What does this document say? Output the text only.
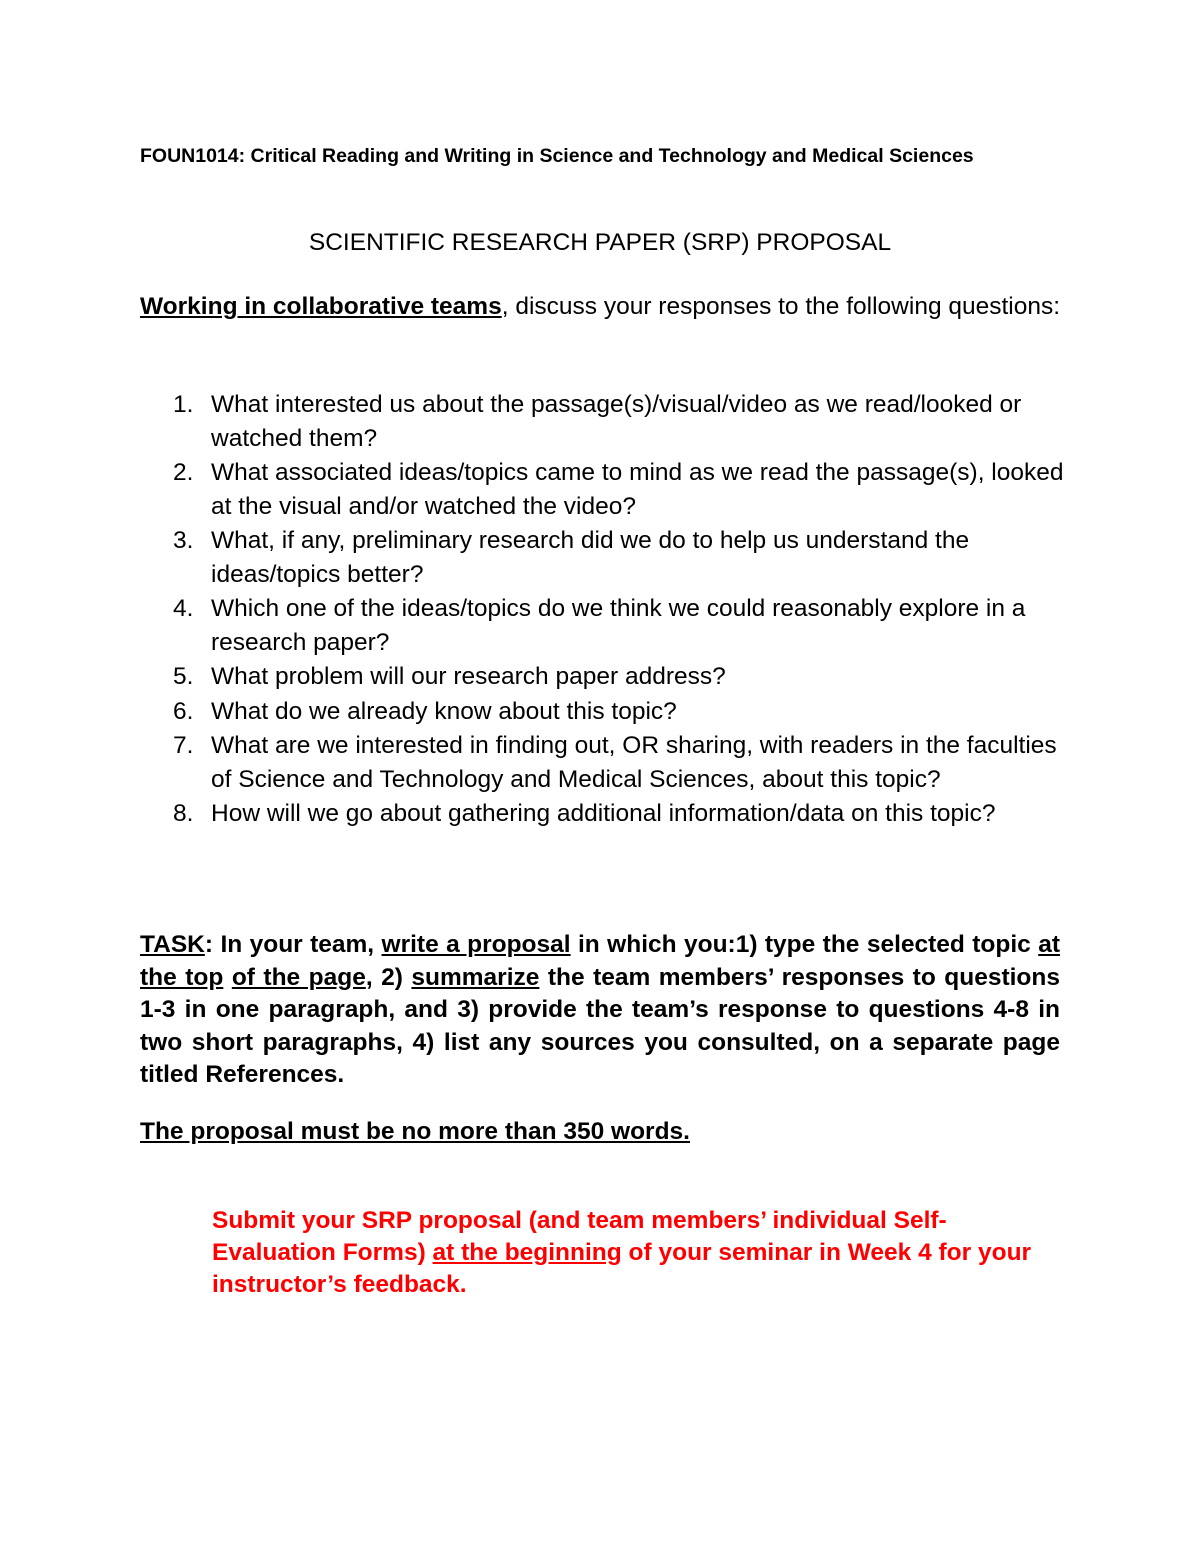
FOUN1014: Critical Reading and Writing in Science and Technology and Medical Sciences
SCIENTIFIC RESEARCH PAPER (SRP) PROPOSAL
Working in collaborative teams, discuss your responses to the following questions:
1. What interested us about the passage(s)/visual/video as we read/looked or watched them?
2. What associated ideas/topics came to mind as we read the passage(s), looked at the visual and/or watched the video?
3. What, if any, preliminary research did we do to help us understand the ideas/topics better?
4. Which one of the ideas/topics do we think we could reasonably explore in a research paper?
5. What problem will our research paper address?
6. What do we already know about this topic?
7. What are we interested in finding out, OR sharing, with readers in the faculties of Science and Technology and Medical Sciences, about this topic?
8. How will we go about gathering additional information/data on this topic?
TASK: In your team, write a proposal in which you:1) type the selected topic at the top of the page, 2) summarize the team members’ responses to questions 1-3 in one paragraph, and 3) provide the team’s response to questions 4-8 in two short paragraphs, 4) list any sources you consulted, on a separate page titled References.
The proposal must be no more than 350 words.
Submit your SRP proposal (and team members’ individual Self-Evaluation Forms) at the beginning of your seminar in Week 4 for your instructor’s feedback.
